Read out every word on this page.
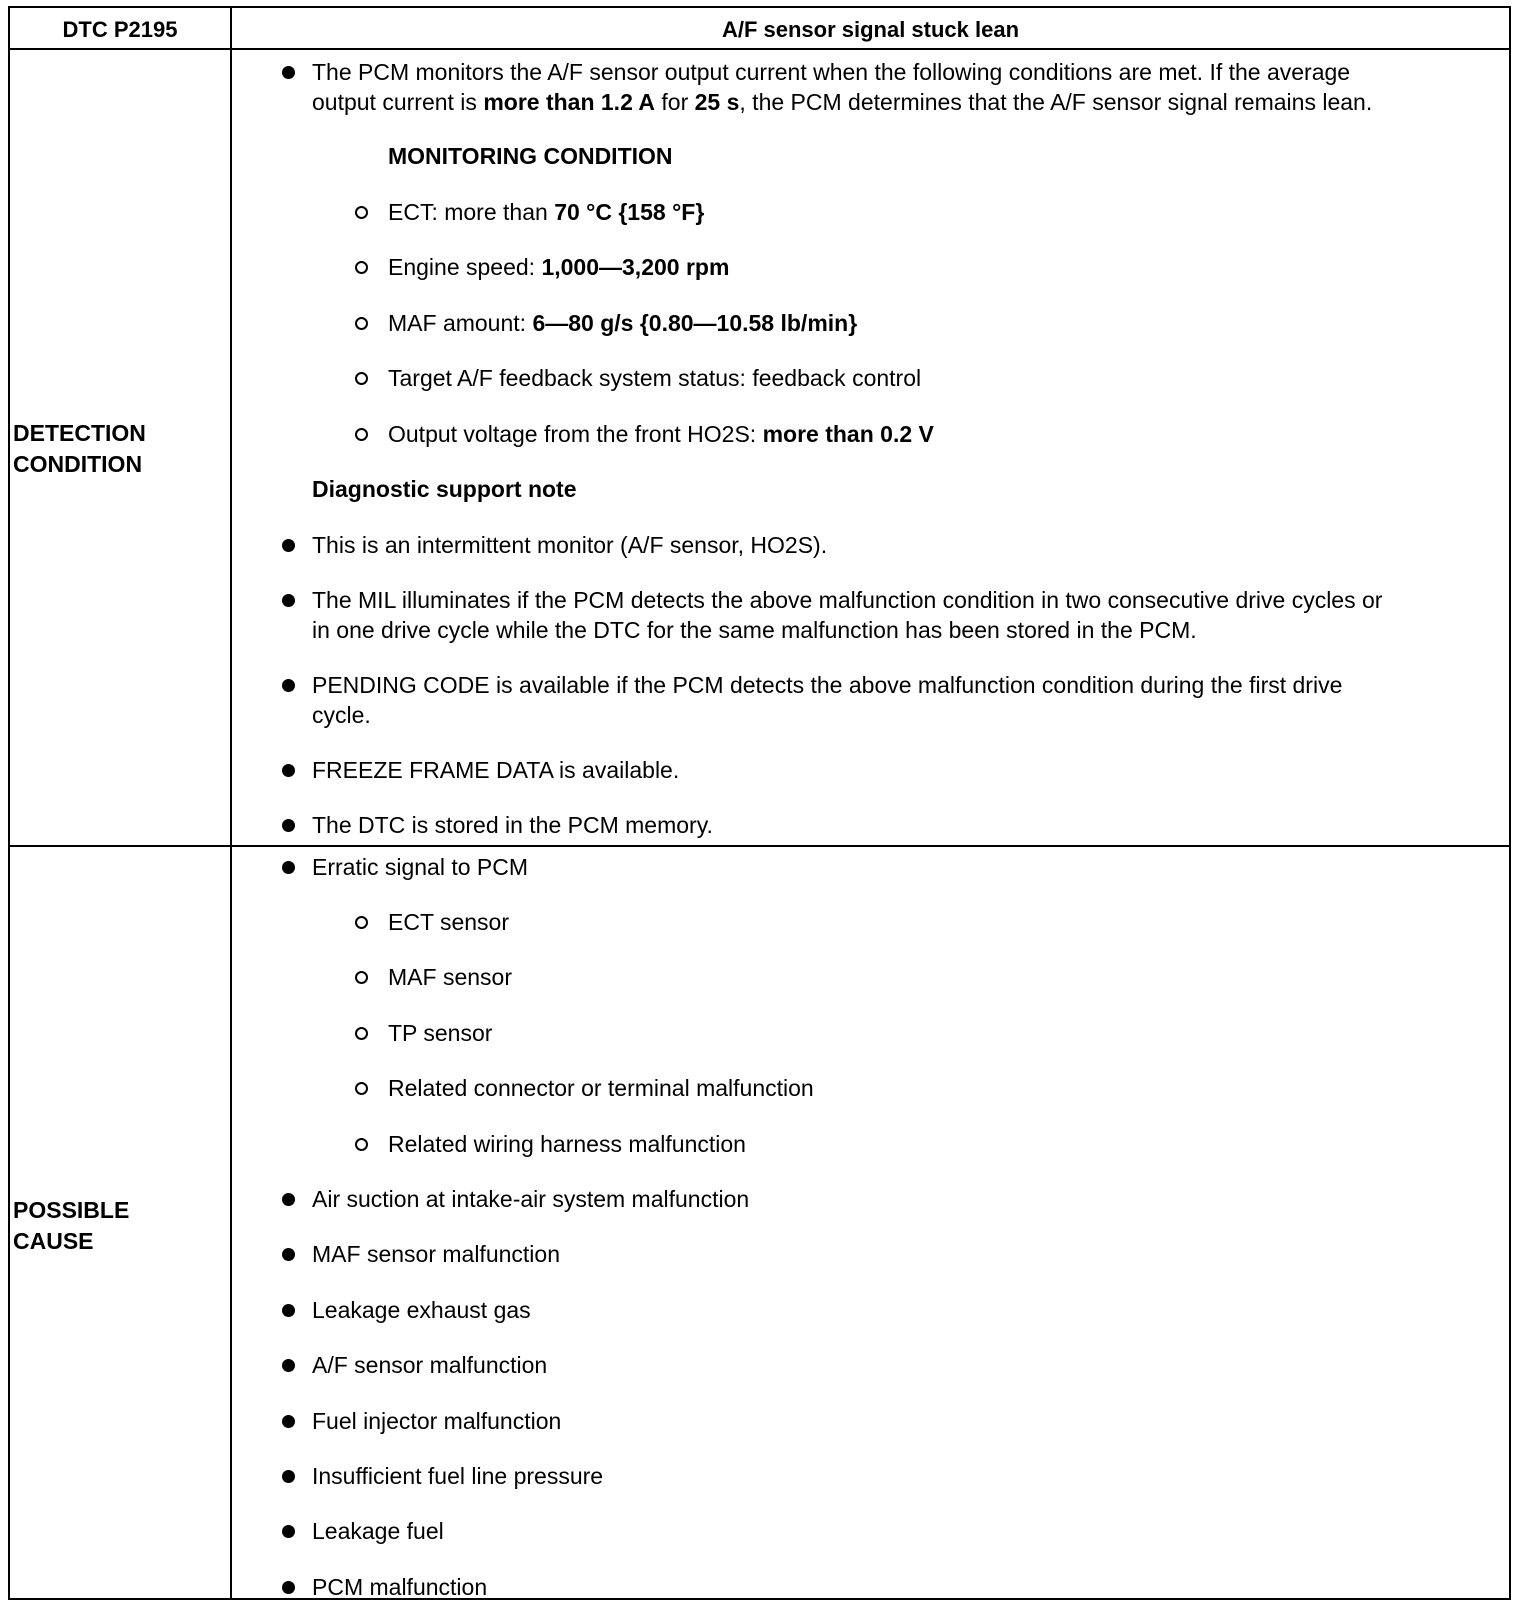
DTC P2195	A/F sensor signal stuck lean
DETECTION
CONDITION
The PCM monitors the A/F sensor output current when the following conditions are met. If the average
output current is more than 1.2 A for 25 s, the PCM determines that the A/F sensor signal remains lean.
MONITORING CONDITION
ECT: more than 70 °C {158 °F}
Engine speed: 1,000—3,200 rpm
MAF amount: 6—80 g/s {0.80—10.58 lb/min}
Target A/F feedback system status: feedback control
Output voltage from the front HO2S: more than 0.2 V
Diagnostic support note
This is an intermittent monitor (A/F sensor, HO2S).
The MIL illuminates if the PCM detects the above malfunction condition in two consecutive drive cycles or
in one drive cycle while the DTC for the same malfunction has been stored in the PCM.
PENDING CODE is available if the PCM detects the above malfunction condition during the first drive
cycle.
FREEZE FRAME DATA is available.
The DTC is stored in the PCM memory.
POSSIBLE
CAUSE
Erratic signal to PCM
ECT sensor
MAF sensor
TP sensor
Related connector or terminal malfunction
Related wiring harness malfunction
Air suction at intake-air system malfunction
MAF sensor malfunction
Leakage exhaust gas
A/F sensor malfunction
Fuel injector malfunction
Insufficient fuel line pressure
Leakage fuel
PCM malfunction
